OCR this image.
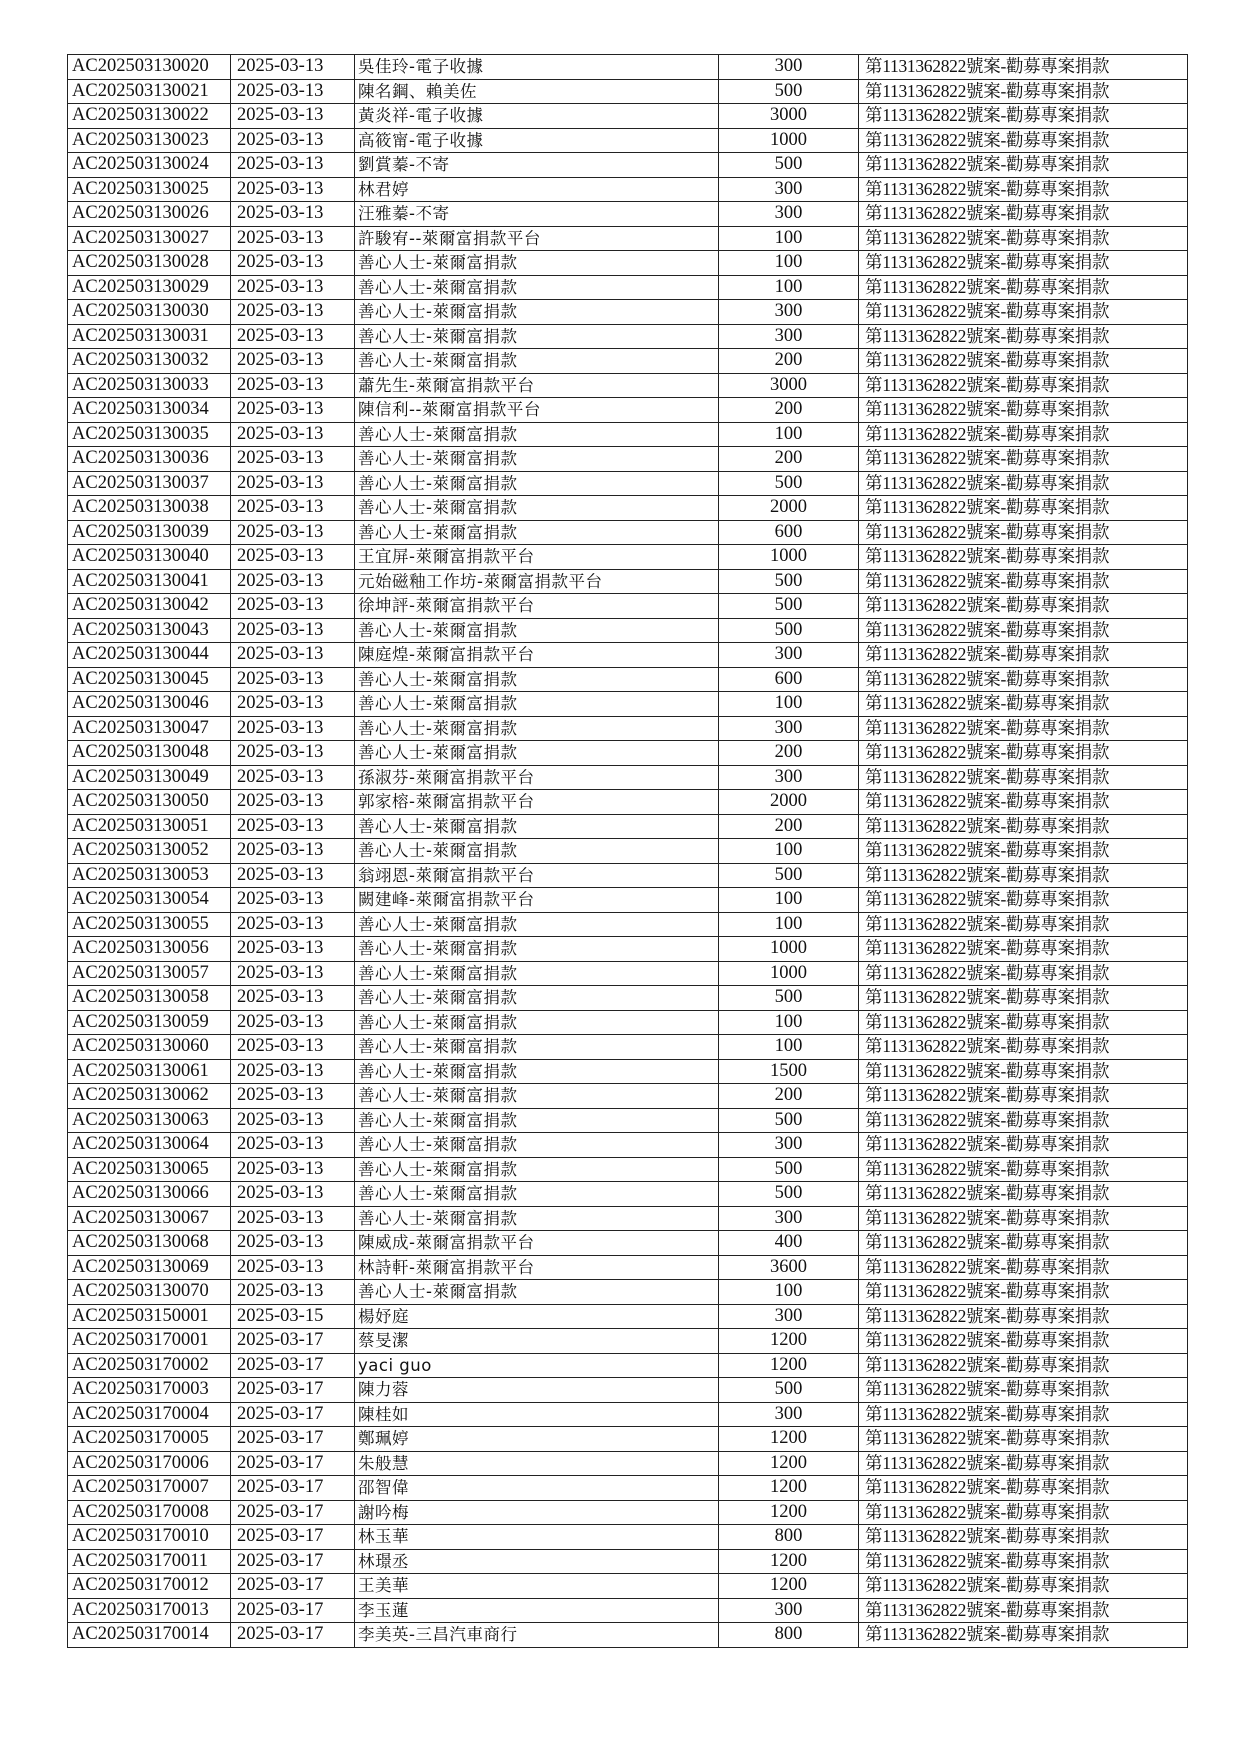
AC202503130020	2025-03-13	吳佳玲-電子收據	300	第1131362822號案-勸募專案捐款
AC202503130021	2025-03-13	陳名鋼、賴美佐	500	第1131362822號案-勸募專案捐款
AC202503130022	2025-03-13	黃炎祥-電子收據	3000	第1131362822號案-勸募專案捐款
AC202503130023	2025-03-13	高筱甯-電子收據	1000	第1131362822號案-勸募專案捐款
AC202503130024	2025-03-13	劉賞蓁-不寄	500	第1131362822號案-勸募專案捐款
AC202503130025	2025-03-13	林君婷	300	第1131362822號案-勸募專案捐款
AC202503130026	2025-03-13	汪雅蓁-不寄	300	第1131362822號案-勸募專案捐款
AC202503130027	2025-03-13	許駿宥--萊爾富捐款平台	100	第1131362822號案-勸募專案捐款
AC202503130028	2025-03-13	善心人士-萊爾富捐款	100	第1131362822號案-勸募專案捐款
AC202503130029	2025-03-13	善心人士-萊爾富捐款	100	第1131362822號案-勸募專案捐款
AC202503130030	2025-03-13	善心人士-萊爾富捐款	300	第1131362822號案-勸募專案捐款
AC202503130031	2025-03-13	善心人士-萊爾富捐款	300	第1131362822號案-勸募專案捐款
AC202503130032	2025-03-13	善心人士-萊爾富捐款	200	第1131362822號案-勸募專案捐款
AC202503130033	2025-03-13	蕭先生-萊爾富捐款平台	3000	第1131362822號案-勸募專案捐款
AC202503130034	2025-03-13	陳信利--萊爾富捐款平台	200	第1131362822號案-勸募專案捐款
AC202503130035	2025-03-13	善心人士-萊爾富捐款	100	第1131362822號案-勸募專案捐款
AC202503130036	2025-03-13	善心人士-萊爾富捐款	200	第1131362822號案-勸募專案捐款
AC202503130037	2025-03-13	善心人士-萊爾富捐款	500	第1131362822號案-勸募專案捐款
AC202503130038	2025-03-13	善心人士-萊爾富捐款	2000	第1131362822號案-勸募專案捐款
AC202503130039	2025-03-13	善心人士-萊爾富捐款	600	第1131362822號案-勸募專案捐款
AC202503130040	2025-03-13	王宜屏-萊爾富捐款平台	1000	第1131362822號案-勸募專案捐款
AC202503130041	2025-03-13	元始磁釉工作坊-萊爾富捐款平台	500	第1131362822號案-勸募專案捐款
AC202503130042	2025-03-13	徐坤評-萊爾富捐款平台	500	第1131362822號案-勸募專案捐款
AC202503130043	2025-03-13	善心人士-萊爾富捐款	500	第1131362822號案-勸募專案捐款
AC202503130044	2025-03-13	陳庭煌-萊爾富捐款平台	300	第1131362822號案-勸募專案捐款
AC202503130045	2025-03-13	善心人士-萊爾富捐款	600	第1131362822號案-勸募專案捐款
AC202503130046	2025-03-13	善心人士-萊爾富捐款	100	第1131362822號案-勸募專案捐款
AC202503130047	2025-03-13	善心人士-萊爾富捐款	300	第1131362822號案-勸募專案捐款
AC202503130048	2025-03-13	善心人士-萊爾富捐款	200	第1131362822號案-勸募專案捐款
AC202503130049	2025-03-13	孫淑芬-萊爾富捐款平台	300	第1131362822號案-勸募專案捐款
AC202503130050	2025-03-13	郭家榕-萊爾富捐款平台	2000	第1131362822號案-勸募專案捐款
AC202503130051	2025-03-13	善心人士-萊爾富捐款	200	第1131362822號案-勸募專案捐款
AC202503130052	2025-03-13	善心人士-萊爾富捐款	100	第1131362822號案-勸募專案捐款
AC202503130053	2025-03-13	翁翊恩-萊爾富捐款平台	500	第1131362822號案-勸募專案捐款
AC202503130054	2025-03-13	闕建峰-萊爾富捐款平台	100	第1131362822號案-勸募專案捐款
AC202503130055	2025-03-13	善心人士-萊爾富捐款	100	第1131362822號案-勸募專案捐款
AC202503130056	2025-03-13	善心人士-萊爾富捐款	1000	第1131362822號案-勸募專案捐款
AC202503130057	2025-03-13	善心人士-萊爾富捐款	1000	第1131362822號案-勸募專案捐款
AC202503130058	2025-03-13	善心人士-萊爾富捐款	500	第1131362822號案-勸募專案捐款
AC202503130059	2025-03-13	善心人士-萊爾富捐款	100	第1131362822號案-勸募專案捐款
AC202503130060	2025-03-13	善心人士-萊爾富捐款	100	第1131362822號案-勸募專案捐款
AC202503130061	2025-03-13	善心人士-萊爾富捐款	1500	第1131362822號案-勸募專案捐款
AC202503130062	2025-03-13	善心人士-萊爾富捐款	200	第1131362822號案-勸募專案捐款
AC202503130063	2025-03-13	善心人士-萊爾富捐款	500	第1131362822號案-勸募專案捐款
AC202503130064	2025-03-13	善心人士-萊爾富捐款	300	第1131362822號案-勸募專案捐款
AC202503130065	2025-03-13	善心人士-萊爾富捐款	500	第1131362822號案-勸募專案捐款
AC202503130066	2025-03-13	善心人士-萊爾富捐款	500	第1131362822號案-勸募專案捐款
AC202503130067	2025-03-13	善心人士-萊爾富捐款	300	第1131362822號案-勸募專案捐款
AC202503130068	2025-03-13	陳威成-萊爾富捐款平台	400	第1131362822號案-勸募專案捐款
AC202503130069	2025-03-13	林詩軒-萊爾富捐款平台	3600	第1131362822號案-勸募專案捐款
AC202503130070	2025-03-13	善心人士-萊爾富捐款	100	第1131362822號案-勸募專案捐款
AC202503150001	2025-03-15	楊妤庭	300	第1131362822號案-勸募專案捐款
AC202503170001	2025-03-17	蔡旻潔	1200	第1131362822號案-勸募專案捐款
AC202503170002	2025-03-17	yaci guo	1200	第1131362822號案-勸募專案捐款
AC202503170003	2025-03-17	陳力蓉	500	第1131362822號案-勸募專案捐款
AC202503170004	2025-03-17	陳桂如	300	第1131362822號案-勸募專案捐款
AC202503170005	2025-03-17	鄭珮婷	1200	第1131362822號案-勸募專案捐款
AC202503170006	2025-03-17	朱般慧	1200	第1131362822號案-勸募專案捐款
AC202503170007	2025-03-17	邵智偉	1200	第1131362822號案-勸募專案捐款
AC202503170008	2025-03-17	謝吟梅	1200	第1131362822號案-勸募專案捐款
AC202503170010	2025-03-17	林玉華	800	第1131362822號案-勸募專案捐款
AC202503170011	2025-03-17	林璟丞	1200	第1131362822號案-勸募專案捐款
AC202503170012	2025-03-17	王美華	1200	第1131362822號案-勸募專案捐款
AC202503170013	2025-03-17	李玉蓮	300	第1131362822號案-勸募專案捐款
AC202503170014	2025-03-17	李美英-三昌汽車商行	800	第1131362822號案-勸募專案捐款
